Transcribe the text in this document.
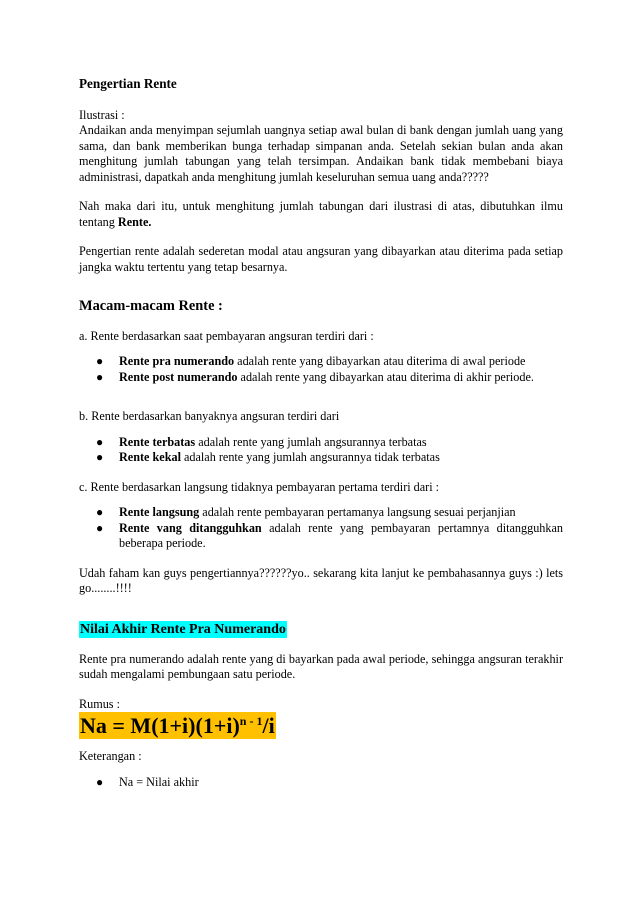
Pengertian Rente

Ilustrasi :

Andaikan anda menyimpan sejumlah uangnya setiap awal bulan di bank dengan jumlah uang yang sama, dan bank memberikan bunga terhadap simpanan anda. Setelah sekian bulan anda akan menghitung jumlah tabungan yang telah tersimpan. Andaikan bank tidak membebani biaya administrasi, dapatkah anda menghitung jumlah keseluruhan semua uang anda?????

Nah maka dari itu, untuk menghitung jumlah tabungan dari ilustrasi di atas, dibutuhkan ilmu tentang Rente.

Pengertian rente adalah sederetan modal atau angsuran yang dibayarkan atau diterima pada setiap jangka waktu tertentu yang tetap besarnya.

Macam-macam Rente :

a. Rente berdasarkan saat pembayaran angsuran terdiri dari :

● Rente pra numerando adalah rente yang dibayarkan atau diterima di awal periode
● Rente post numerando adalah rente yang dibayarkan atau diterima di akhir periode.

b. Rente berdasarkan banyaknya angsuran terdiri dari

● Rente terbatas adalah rente yang jumlah angsurannya terbatas
● Rente kekal adalah rente yang jumlah angsurannya tidak terbatas

c. Rente berdasarkan langsung tidaknya pembayaran pertama terdiri dari :

● Rente langsung adalah rente pembayaran pertamanya langsung sesuai perjanjian
● Rente vang ditangguhkan adalah rente yang pembayaran pertamnya ditangguhkan beberapa periode.

Udah faham kan guys pengertiannya??????yo.. sekarang kita lanjut ke pembahasannya guys :) lets go........!!!!

Nilai Akhir Rente Pra Numerando

Rente pra numerando adalah rente yang di bayarkan pada awal periode, sehingga angsuran terakhir sudah mengalami pembungaan satu periode.

Rumus :

$Na = M(1+i)(1+i)^{n - 1}/i$

Keterangan :

● Na = Nilai akhir
